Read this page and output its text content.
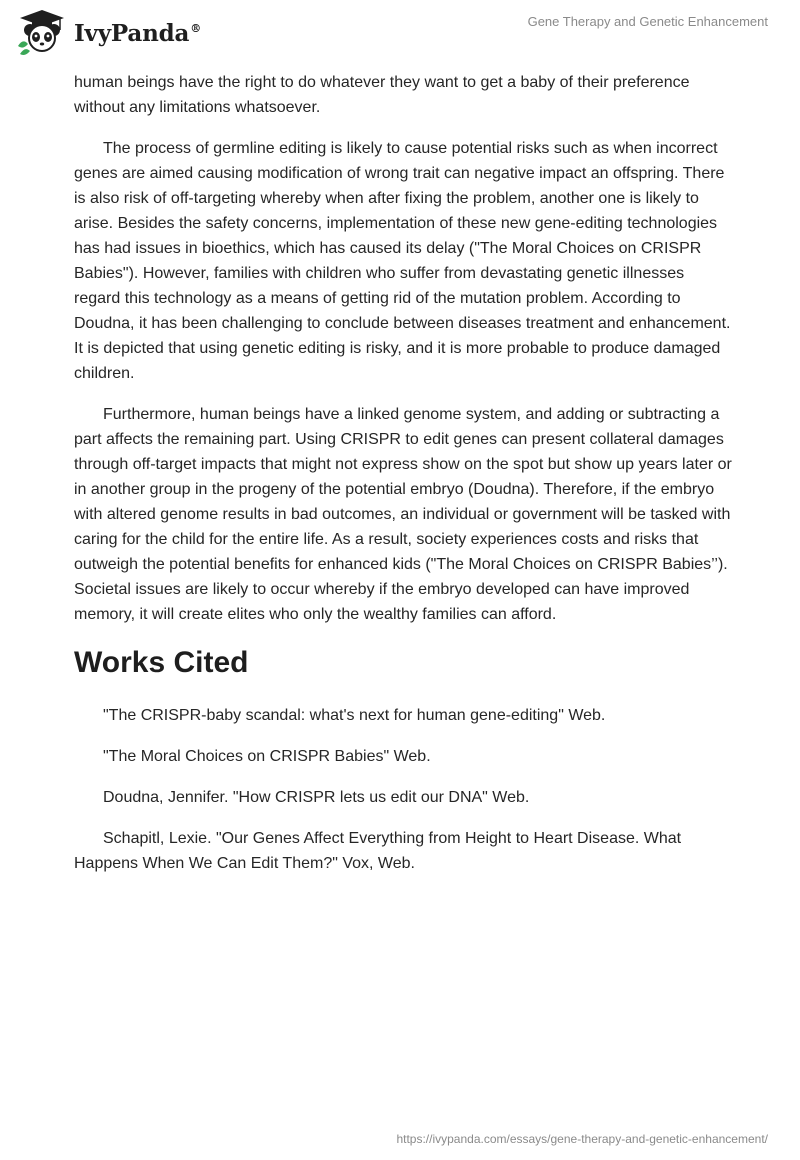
IvyPanda®	Gene Therapy and Genetic Enhancement

human beings have the right to do whatever they want to get a baby of their preference without any limitations whatsoever.

The process of germline editing is likely to cause potential risks such as when incorrect genes are aimed causing modification of wrong trait can negative impact an offspring. There is also risk of off-targeting whereby when after fixing the problem, another one is likely to arise. Besides the safety concerns, implementation of these new gene-editing technologies has had issues in bioethics, which has caused its delay ("The Moral Choices on CRISPR Babies"). However, families with children who suffer from devastating genetic illnesses regard this technology as a means of getting rid of the mutation problem. According to Doudna, it has been challenging to conclude between diseases treatment and enhancement. It is depicted that using genetic editing is risky, and it is more probable to produce damaged children.

Furthermore, human beings have a linked genome system, and adding or subtracting a part affects the remaining part. Using CRISPR to edit genes can present collateral damages through off-target impacts that might not express show on the spot but show up years later or in another group in the progeny of the potential embryo (Doudna). Therefore, if the embryo with altered genome results in bad outcomes, an individual or government will be tasked with caring for the child for the entire life. As a result, society experiences costs and risks that outweigh the potential benefits for enhanced kids ("The Moral Choices on CRISPR Babies’’). Societal issues are likely to occur whereby if the embryo developed can have improved memory, it will create elites who only the wealthy families can afford.

Works Cited

"The CRISPR-baby scandal: what's next for human gene-editing" Web.

"The Moral Choices on CRISPR Babies" Web.

Doudna, Jennifer. "How CRISPR lets us edit our DNA" Web.

Schapitl, Lexie. "Our Genes Affect Everything from Height to Heart Disease. What Happens When We Can Edit Them?" Vox, Web.

https://ivypanda.com/essays/gene-therapy-and-genetic-enhancement/
